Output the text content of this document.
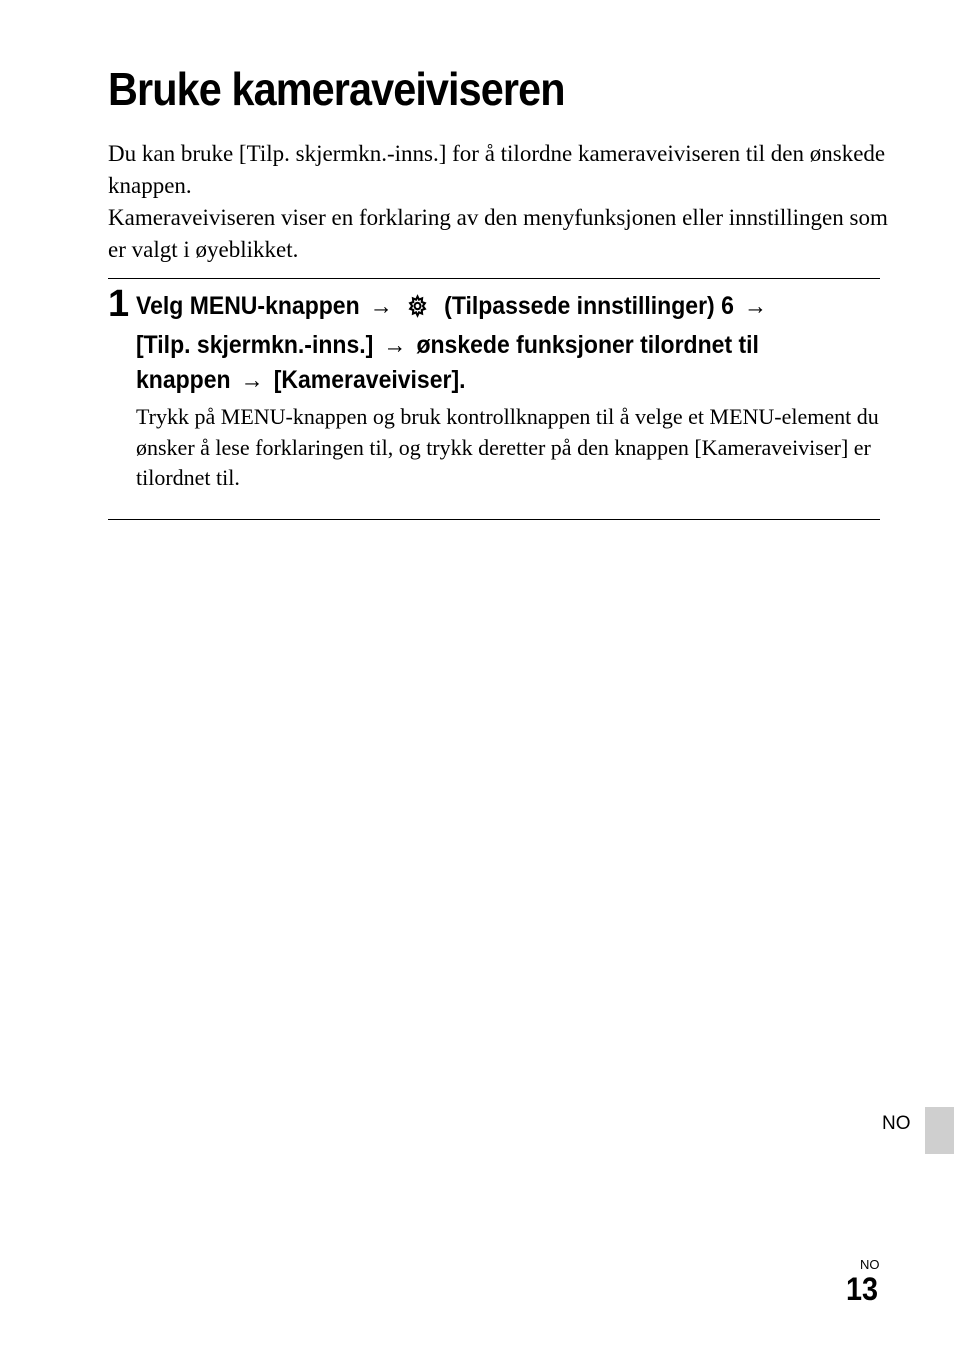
Bruke kameraveiviseren

Du kan bruke [Tilp. skjermkn.-inns.] for å tilordne kameraveiviseren til den ønskede knappen.

Kameraveiviseren viser en forklaring av den menyfunksjonen eller innstillingen som er valgt i øyeblikket.

1 Velg MENU-knappen → (Tilpassede innstillinger) 6 →
[Tilp. skjermkn.-inns.] → ønskede funksjoner tilordnet til
knappen → [Kameraveiviser].

Trykk på MENU-knappen og bruk kontrollknappen til å velge et MENU-element du ønsker å lese forklaringen til, og trykk deretter på den knappen [Kameraveiviser] er tilordnet til.

NO
NO
13
